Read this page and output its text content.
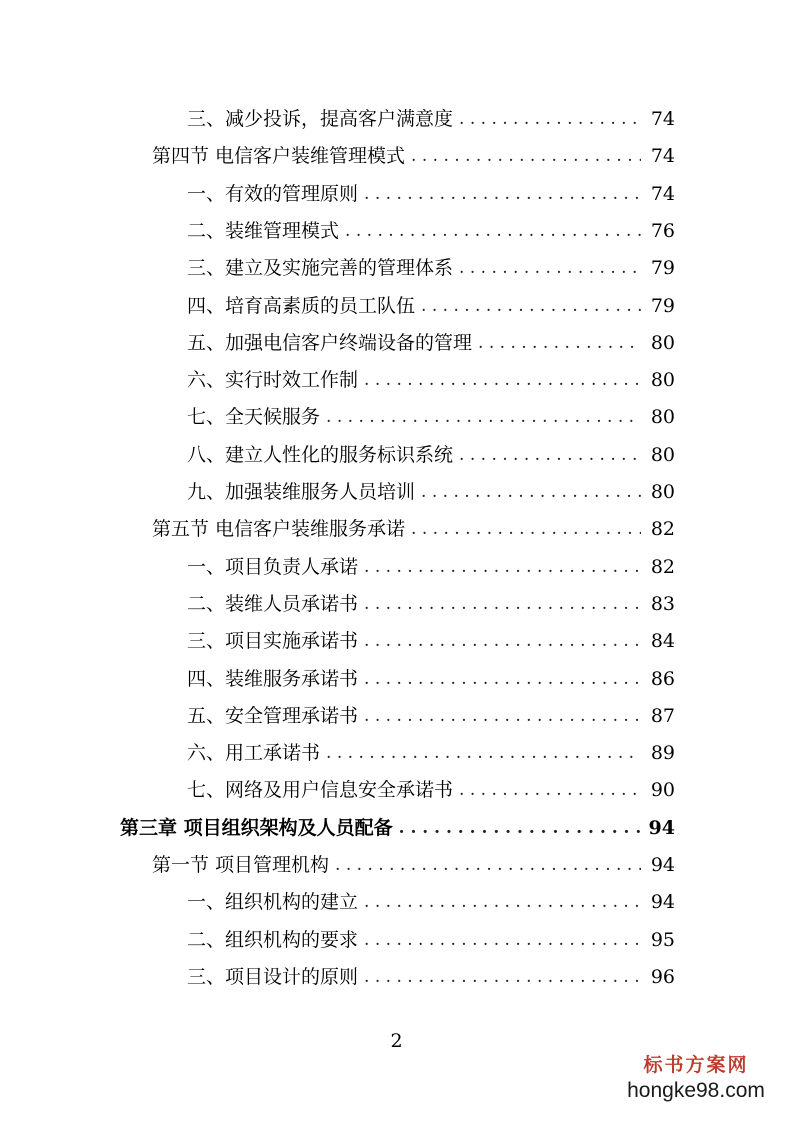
三、减少投诉，提高客户满意度 . . .	74
第四节 电信客户装维管理模式 . . .	74
一、有效的管理原则 . . .	74
二、装维管理模式 . . .	76
三、建立及实施完善的管理体系 . . .	79
四、培育高素质的员工队伍 . . .	79
五、加强电信客户终端设备的管理 . . .	80
六、实行时效工作制 . . .	80
七、全天候服务 . . .	80
八、建立人性化的服务标识系统 . . .	80
九、加强装维服务人员培训 . . .	80
第五节 电信客户装维服务承诺 . . .	82
一、项目负责人承诺 . . .	82
二、装维人员承诺书 . . .	83
三、项目实施承诺书 . . .	84
四、装维服务承诺书 . . .	86
五、安全管理承诺书 . . .	87
六、用工承诺书 . . .	89
七、网络及用户信息安全承诺书 . . .	90
第三章 项目组织架构及人员配备 . . .	94
第一节 项目管理机构 . . .	94
一、组织机构的建立 . . .	94
二、组织机构的要求 . . .	95
三、项目设计的原则 . . .	96
2
标书方案网
hongke98.com
